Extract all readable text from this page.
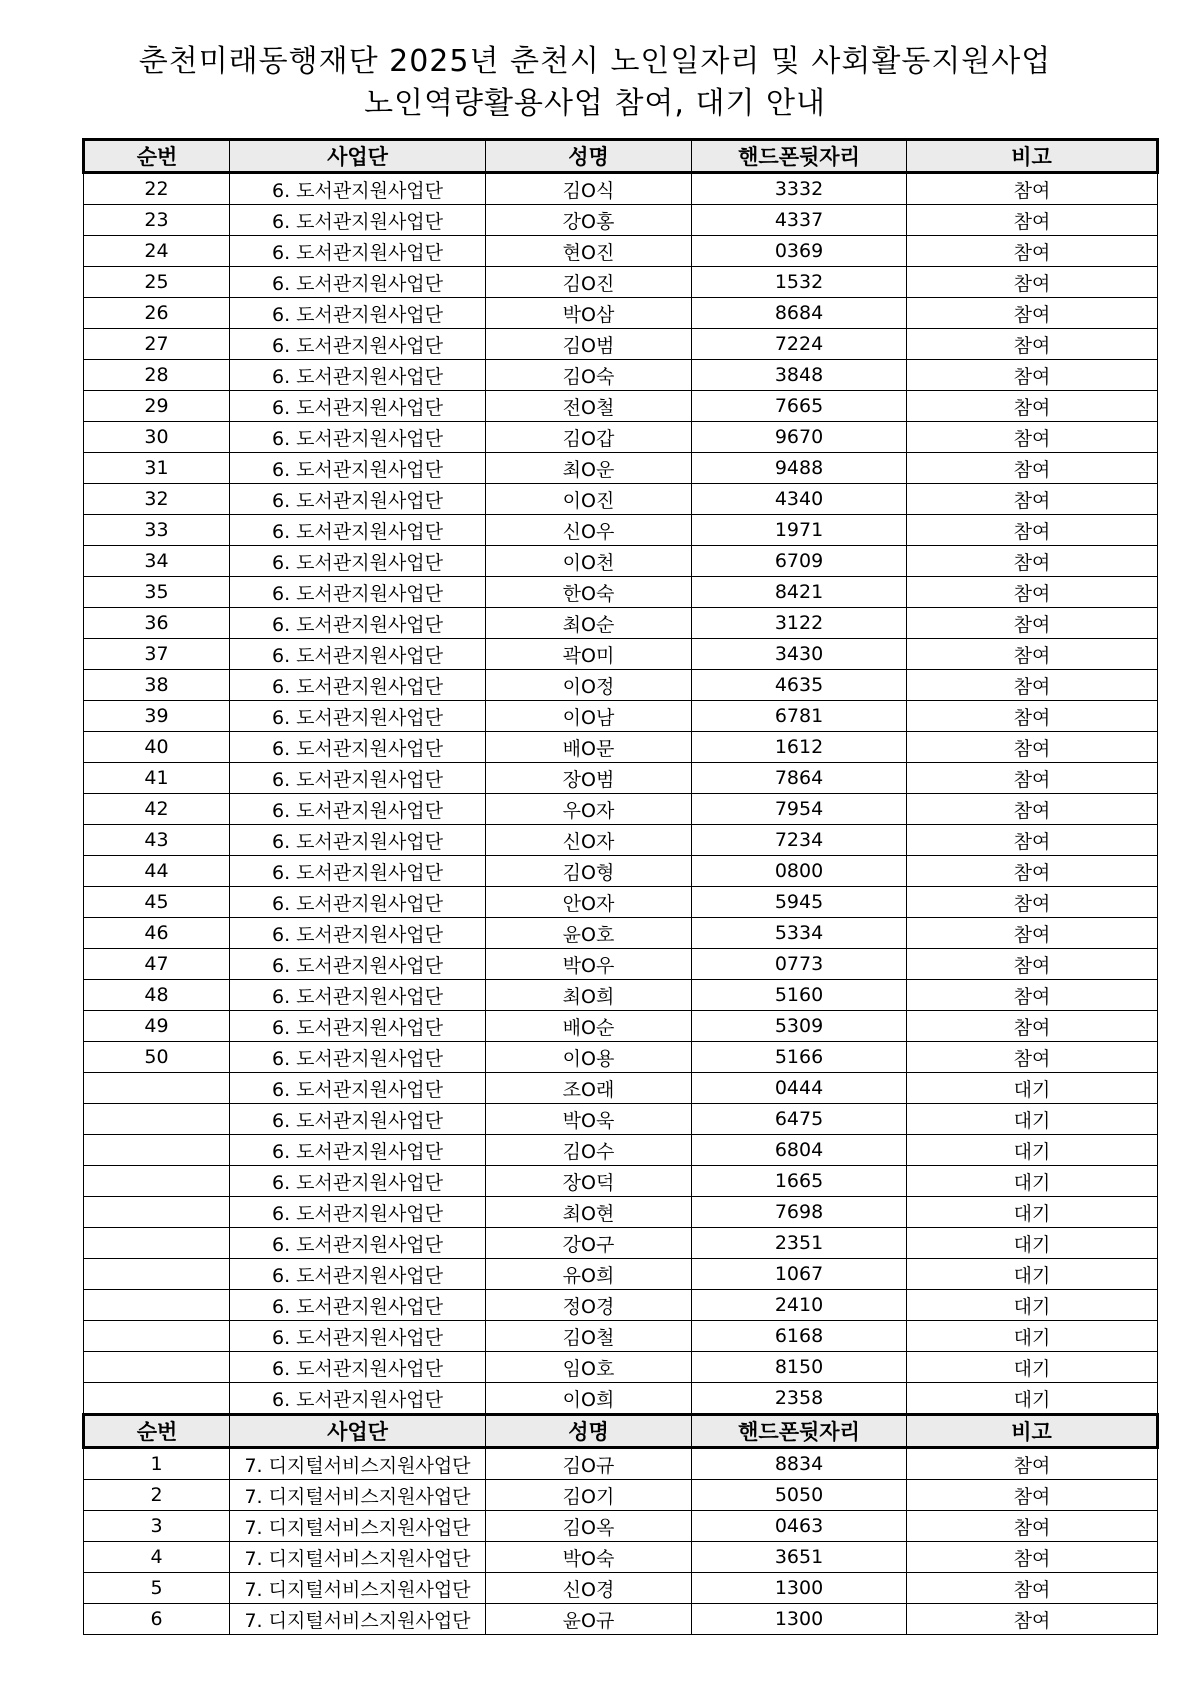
춘천미래동행재단 2025년 춘천시 노인일자리 및 사회활동지원사업
노인역량활용사업 참여, 대기 안내
순번	사업단	성명	핸드폰뒷자리	비고
22	6. 도서관지원사업단	김O식	3332	참여
23	6. 도서관지원사업단	강O홍	4337	참여
24	6. 도서관지원사업단	현O진	0369	참여
25	6. 도서관지원사업단	김O진	1532	참여
26	6. 도서관지원사업단	박O삼	8684	참여
27	6. 도서관지원사업단	김O범	7224	참여
28	6. 도서관지원사업단	김O숙	3848	참여
29	6. 도서관지원사업단	전O철	7665	참여
30	6. 도서관지원사업단	김O갑	9670	참여
31	6. 도서관지원사업단	최O운	9488	참여
32	6. 도서관지원사업단	이O진	4340	참여
33	6. 도서관지원사업단	신O우	1971	참여
34	6. 도서관지원사업단	이O천	6709	참여
35	6. 도서관지원사업단	한O숙	8421	참여
36	6. 도서관지원사업단	최O순	3122	참여
37	6. 도서관지원사업단	곽O미	3430	참여
38	6. 도서관지원사업단	이O정	4635	참여
39	6. 도서관지원사업단	이O남	6781	참여
40	6. 도서관지원사업단	배O문	1612	참여
41	6. 도서관지원사업단	장O범	7864	참여
42	6. 도서관지원사업단	우O자	7954	참여
43	6. 도서관지원사업단	신O자	7234	참여
44	6. 도서관지원사업단	김O형	0800	참여
45	6. 도서관지원사업단	안O자	5945	참여
46	6. 도서관지원사업단	윤O호	5334	참여
47	6. 도서관지원사업단	박O우	0773	참여
48	6. 도서관지원사업단	최O희	5160	참여
49	6. 도서관지원사업단	배O순	5309	참여
50	6. 도서관지원사업단	이O용	5166	참여
	6. 도서관지원사업단	조O래	0444	대기
	6. 도서관지원사업단	박O욱	6475	대기
	6. 도서관지원사업단	김O수	6804	대기
	6. 도서관지원사업단	장O덕	1665	대기
	6. 도서관지원사업단	최O현	7698	대기
	6. 도서관지원사업단	강O구	2351	대기
	6. 도서관지원사업단	유O희	1067	대기
	6. 도서관지원사업단	정O경	2410	대기
	6. 도서관지원사업단	김O철	6168	대기
	6. 도서관지원사업단	임O호	8150	대기
	6. 도서관지원사업단	이O희	2358	대기
순번	사업단	성명	핸드폰뒷자리	비고
1	7. 디지털서비스지원사업단	김O규	8834	참여
2	7. 디지털서비스지원사업단	김O기	5050	참여
3	7. 디지털서비스지원사업단	김O옥	0463	참여
4	7. 디지털서비스지원사업단	박O숙	3651	참여
5	7. 디지털서비스지원사업단	신O경	1300	참여
6	7. 디지털서비스지원사업단	윤O규	1300	참여
